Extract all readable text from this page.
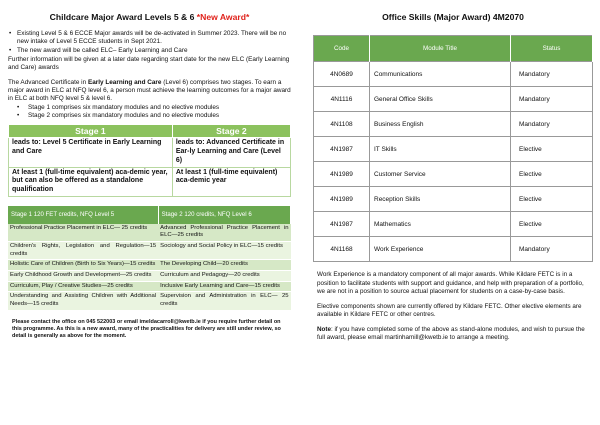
Childcare Major Award Levels 5 & 6 *New Award*
• Existing Level 5 & 6 ECCE Major awards will be de-activated in Summer 2023. There will be no new intake of Level 5 ECCE students in Sept 2021.
• The new award will be called ELC– Early Learning and Care

Further information will be given at a later date regarding start date for the new ELC (Early Learning and Care) awards

The Advanced Certificate in Early Learning and Care (Level 6) comprises two stages. To earn a major award in ELC at NFQ level 6, a person must achieve the learning outcomes for a major award in ELC at both NFQ level 5 & level 6.

• Stage 1 comprises six mandatory modules and no elective modules
• Stage 2 comprises six mandatory modules and no elective modules
Stage 1	Stage 2
leads to: Level 5 Certificate in Early Learning and Care	leads to: Advanced Certificate in Ear-ly Learning and Care (Level 6)
At least 1 (full-time equivalent) aca-demic year, but can also be offered as a standalone qualification	At least 1 (full-time equivalent) aca-demic year
Stage 1 120 FET credits, NFQ Level 5	Stage 2 120 credits, NFQ Level 6
Professional Practice Placement in ELC— 25 credits	Advanced Professional Practice Placement in ELC—25 credits
Children's Rights, Legislation and Regulation—15 credits	Sociology and Social Policy in ELC—15 credits
Holistic Care of Children (Birth to Six Years)—15 credits	The Developing Child—20 credits
Early Childhood Growth and Development—25 credits	Curriculum and Pedagogy—20 credits
Curriculum, Play / Creative Studies—25 credits	Inclusive Early Learning and Care—15 credits
Understanding and Assisting Children with Additional Needs—15 credits	Supervision and Administration in ELC— 25 credits

Please contact the office on 045 522003 or email imeldacarroll@kwetb.ie if you require further detail on this programme. As this is a new award, many of the practicalities for delivery are still under review, so detail is generally as above for the moment.

Office Skills (Major Award) 4M2070
Code	Module Title	Status
4N0689	Communications	Mandatory
4N1116	General Office Skills	Mandatory
4N1108	Business English	Mandatory
4N1987	IT Skills	Elective
4N1989	Customer Service	Elective
4N1989	Reception Skills	Elective
4N1987	Mathematics	Elective
4N1168	Work Experience	Mandatory

Work Experience is a mandatory component of all major awards. While Kildare FETC is in a position to facilitate students with support and guidance, and help with preparation of a portfolio, we are not in a position to source actual placement for students on a case-by-case basis.

Elective components shown are currently offered by Kildare FETC. Other elective elements are available in Kildare FETC or other centres.

Note: if you have completed some of the above as stand-alone modules, and wish to pursue the full award, please email martinhamill@kwetb.ie to arrange a meeting.
